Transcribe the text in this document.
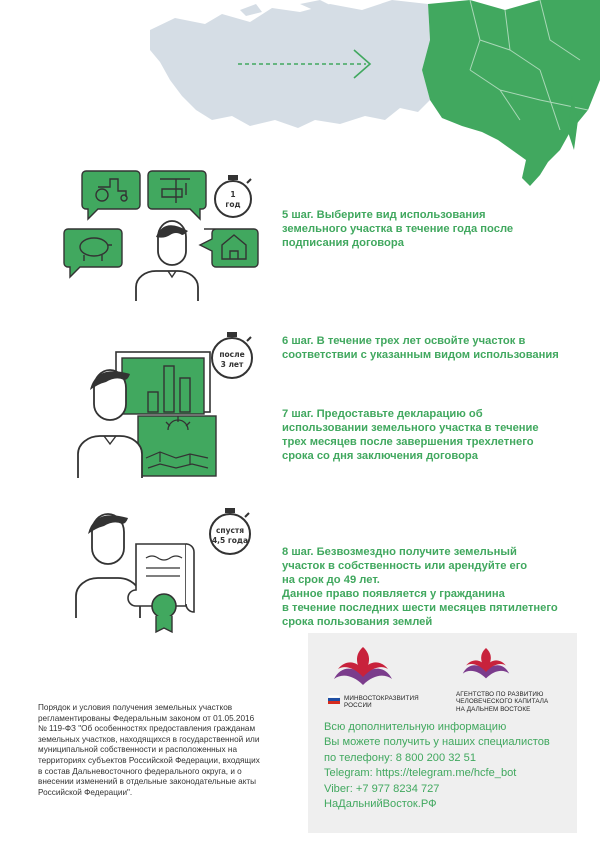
1
год
5 шаг. Выберите вид использования
земельного участка в течение года после
подписания договора
после
3 лет
6 шаг. В течение трех лет освойте участок в
соответствии с указанным видом использования
7 шаг. Предоставьте декларацию об
использовании земельного участка в течение
трех месяцев после завершения трехлетнего
срока со дня заключения договора
спустя
4,5 года
8 шаг. Безвозмездно получите земельный
участок в собственность или арендуйте его
на срок до 49 лет.
Данное право появляется у гражданина
в течение последних шести месяцев пятилетнего
срока пользования землей
Порядок и условия получения земельных участков
регламентированы Федеральным законом от 01.05.2016
№ 119-ФЗ "Об особенностях предоставления гражданам
земельных участков, находящихся в государственной или
муниципальной собственности и расположенных на
территориях субъектов Российской Федерации, входящих
в состав Дальневосточного федерального округа, и о
внесении изменений в отдельные законодательные акты
Российской Федерации".
МИНВОСТОКРАЗВИТИЯ
РОССИИ
АГЕНТСТВО ПО РАЗВИТИЮ
ЧЕЛОВЕЧЕСКОГО КАПИТАЛА
НА ДАЛЬНЕМ ВОСТОКЕ
Всю дополнительную информацию
Вы можете получить у наших специалистов
по телефону: 8 800 200 32 51
Telegram: https://telegram.me/hcfe_bot
Viber: +7 977 8234 727
НаДальнийВосток.РФ
